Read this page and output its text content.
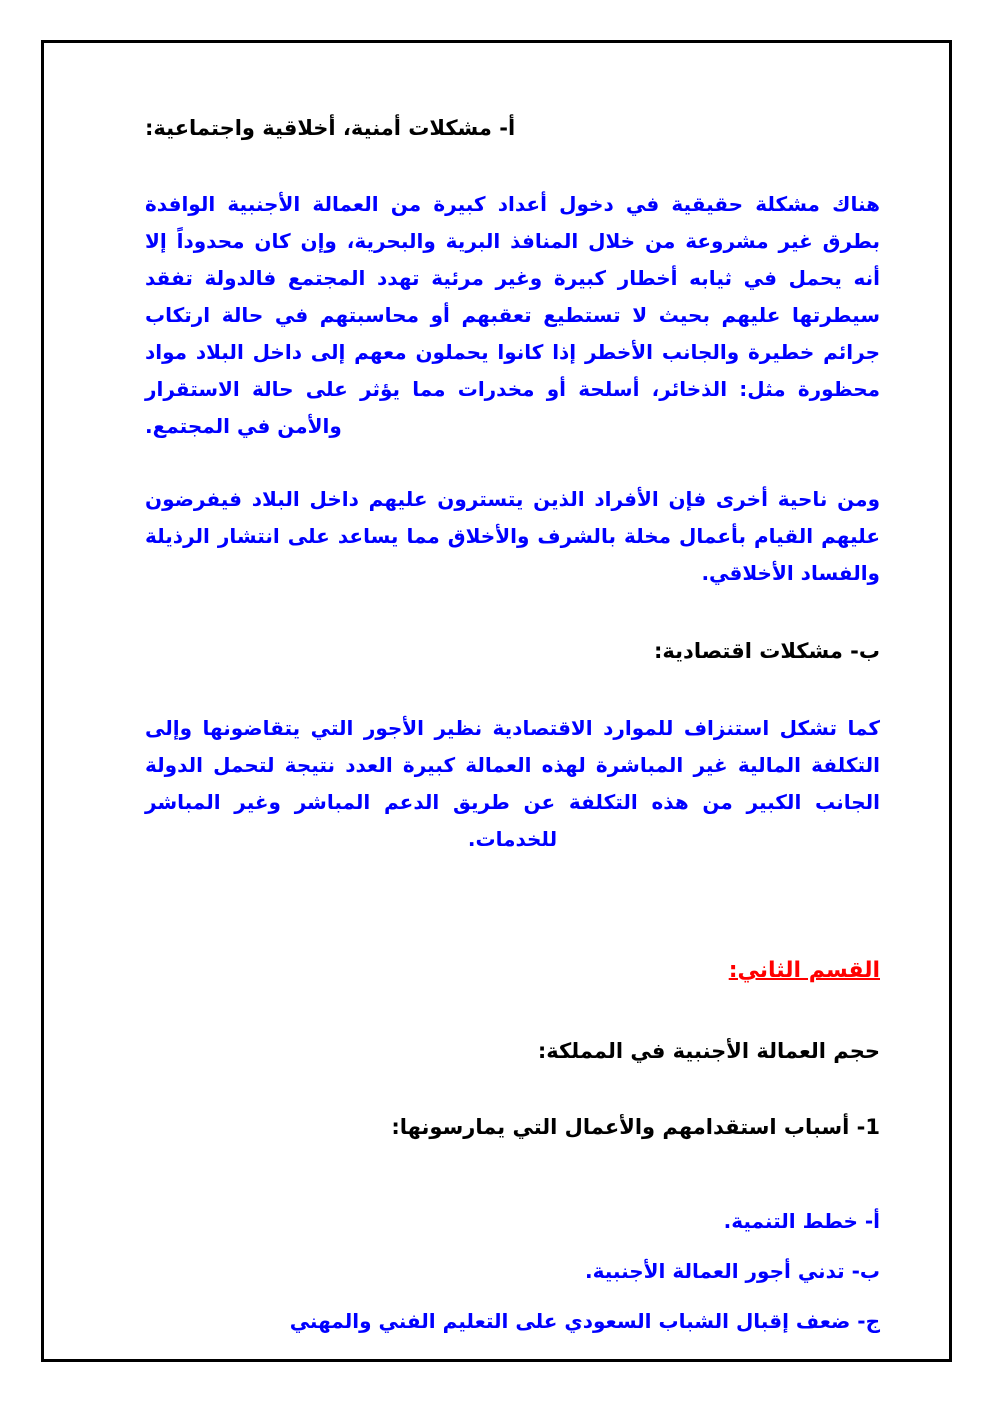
أ- مشكلات أمنية، أخلاقية واجتماعية:

هناك مشكلة حقيقية في دخول أعداد كبيرة من العمالة الأجنبية الوافدة بطرق غير مشروعة من خلال المنافذ البرية والبحرية، وإن كان محدوداً إلا أنه يحمل في ثيابه أخطار كبيرة وغير مرئية تهدد المجتمع فالدولة تفقد سيطرتها عليهم بحيث لا تستطيع تعقبهم أو محاسبتهم في حالة ارتكاب جرائم خطيرة والجانب الأخطر إذا كانوا يحملون معهم إلى داخل البلاد مواد محظورة مثل: الذخائر، أسلحة أو مخدرات مما يؤثر على حالة الاستقرار والأمن في المجتمع.

ومن ناحية أخرى فإن الأفراد الذين يتسترون عليهم داخل البلاد فيفرضون عليهم القيام بأعمال مخلة بالشرف والأخلاق مما يساعد على انتشار الرذيلة والفساد الأخلاقي.

ب- مشكلات اقتصادية:

كما تشكل استنزاف للموارد الاقتصادية نظير الأجور التي يتقاضونها وإلى التكلفة المالية غير المباشرة لهذه العمالة كبيرة العدد نتيجة لتحمل الدولة الجانب الكبير من هذه التكلفة عن طريق الدعم المباشر وغير المباشر للخدمات.

القسم الثاني:
حجم العمالة الأجنبية في المملكة:
1- أسباب استقدامهم والأعمال التي يمارسونها:

أ- خطط التنمية.

ب- تدني أجور العمالة الأجنبية.

ج- ضعف إقبال الشباب السعودي على التعليم الفني والمهني
